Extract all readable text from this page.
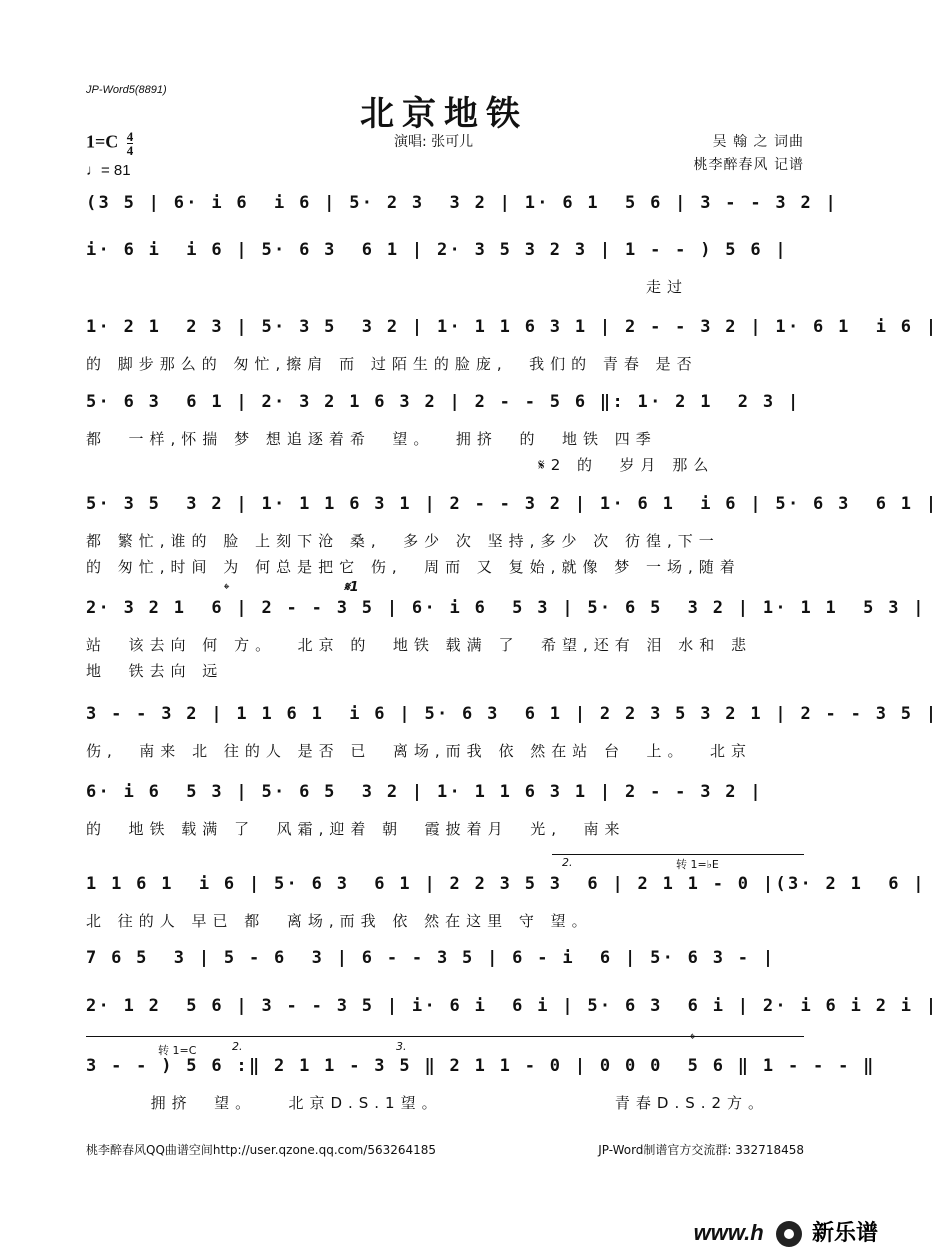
JP-Word5(8891)
北京地铁
$1=C \frac{4}{4}$
♩= 81
演唱: 张可儿	吴 翰 之 词曲
桃李醉春风 记谱
(3 5 | 6· i 6  i 6 | 5· 2 3  3 2 | 1· 6 1  5 6 | 3 - - 3 2 |
i· 6 i  i 6 | 5· 6 3  6 1 | 2· 3 5 3 2 3 | 1 - - ) 5 6 |
走过
1· 2 1  2 3 | 5· 3 5  3 2 | 1· 1 1 6 3 1 | 2 - - 3 2 | 1· 6 1  i 6 |
的 脚步那么的 匆忙,擦肩 而 过陌生的脸庞,  我们的 青春 是否
5· 6 3  6 1 | 2· 3 2 1 6 3 2 | 2 - - 5 6 ‖: 1· 2 1  2 3 |
都  一样,怀揣 梦 想追逐着希  望。  拥挤  的  地铁 四季
𝄋2 的  岁月 那么
5· 3 5  3 2 | 1· 1 1 6 3 1 | 2 - - 3 2 | 1· 6 1  i 6 | 5· 6 3  6 1 |
都 繁忙,谁的 脸 上刻下沧 桑,  多少 次 坚持,多少 次 彷徨,下一
的 匆忙,时间 为 何总是把它 伤,  周而 又 复始,就像 梦 一场,随着
2· 3 2 1  6 | 2 - - 3 5 | 6· i 6  5 3 | 5· 6 5  3 2 | 1· 1 1  5 3 |
站  该去向 何 方。  北京 的  地铁 载满 了  希望,还有 泪 水和 悲
地  铁去向 远
3 - - 3 2 | 1 1 6 1  i 6 | 5· 6 3  6 1 | 2 2 3 5 3 2 1 | 2 - - 3 5 |
伤,  南来 北 往的人 是否 已  离场,而我 依 然在站 台  上。  北京
6· i 6  5 3 | 5· 6 5  3 2 | 1· 1 1 6 3 1 | 2 - - 3 2 |
的  地铁 载满 了  风霜,迎着 朝  霞披着月  光,  南来
1 1 6 1  i 6 | 5· 6 3  6 1 | 2 2 3 5 3  6 | 2 1 1 - 0 |(3· 2 1  6 |
北 往的人 早已 都  离场,而我 依 然在这里 守 望。
7 6 5  3 | 5 - 6  3 | 6 - - 3 5 | 6 - i  6 | 5· 6 3 - |
2· 1 2  5 6 | 3 - - 3 5 | i· 6 i  6 i | 5· 6 3  6 i | 2· i 6 i 2 i |
3 - - ) 5 6 :‖ 2 1 1 - 3 5 ‖ 2 1 1 - 0 | 0 0 0  5 6 ‖ 1 - - - ‖
拥挤  望。   北京D.S.1望。                青春D.S.2方。
𝄌	𝄋1
2.	转 1=♭E
转 1=C	2.	3.	𝄌
桃李醉春风QQ曲谱空间http://user.qzone.qq.com/563264185	JP-Word制谱官方交流群: 332718458
www.h 新乐谱
